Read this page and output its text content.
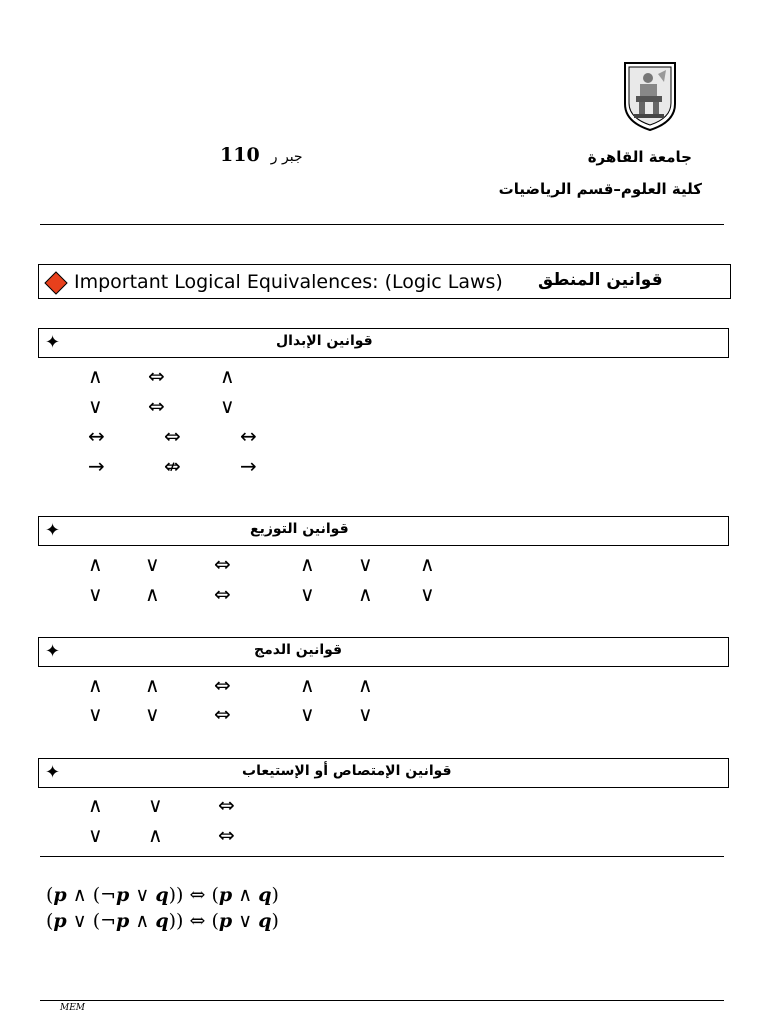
جامعة القاهرة
كلية العلوم–قسم الرياضيات
110 جبر ر
Important Logical Equivalences: (Logic Laws) قوانين المنطق
✦	قوانين الإبدال
∧ ⇔	∧
∨ ⇔	∨
↔	⇔	↔
→	⇎	→
✦	قوانين التوزيع
∧ ∨	⇔	∧ ∨ ∧
∨ ∧	⇔	∨ ∧ ∨
✦	قوانين الدمج
∧ ∧	⇔	∧ ∧
∨ ∨	⇔	∨ ∨
✦	قوانين الإمتصاص أو الإستيعاب
∧ ∨	⇔
∨ ∧	⇔
(p ∧ (¬p ∨ q)) ⇔ (p ∧ q)
(p ∨ (¬p ∧ q)) ⇔ (p ∨ q)
MEM
